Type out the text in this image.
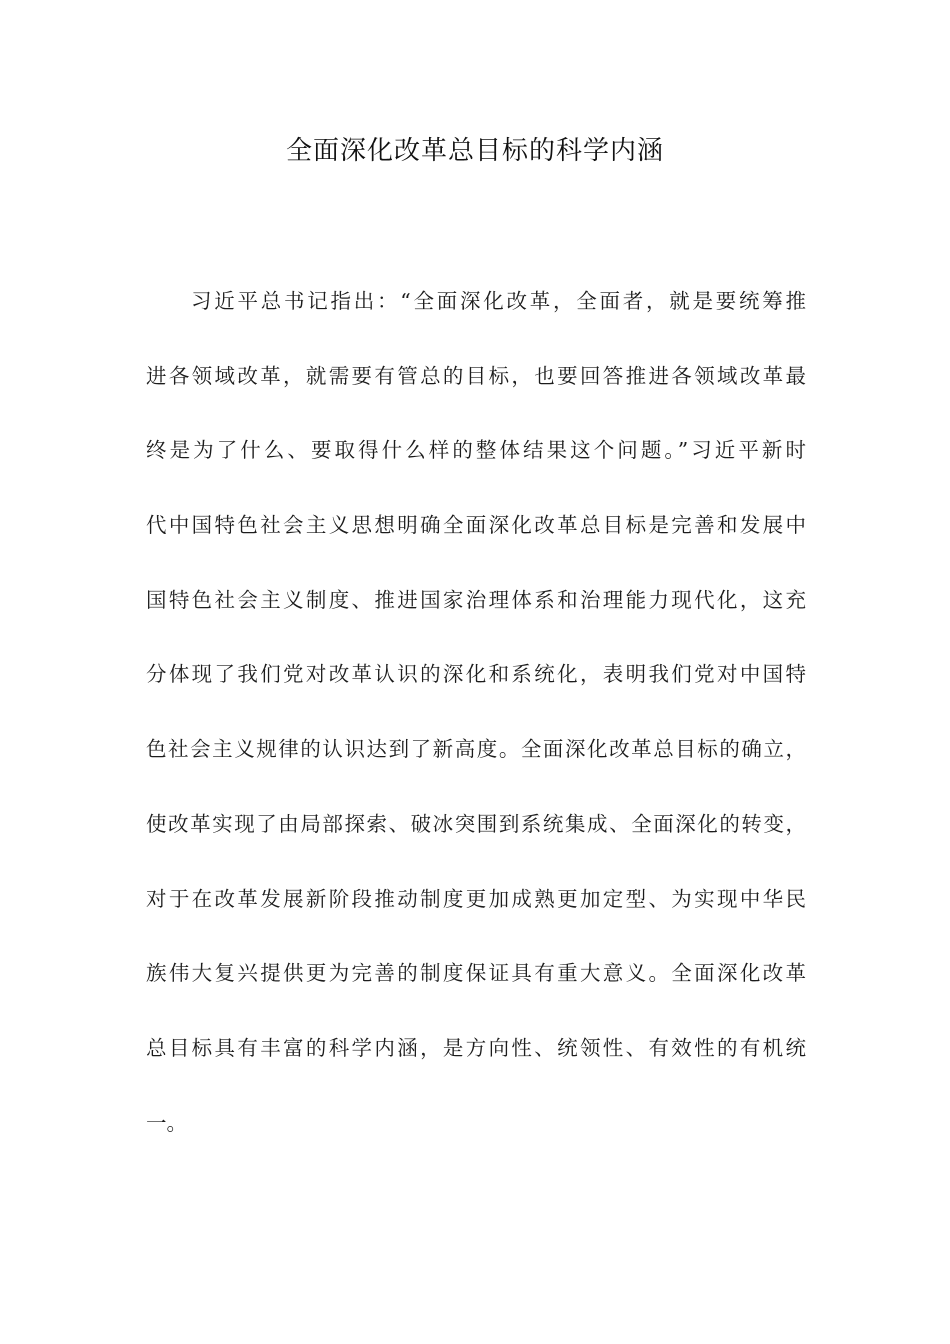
全面深化改革总目标的科学内涵
习近平总书记指出：“全面深化改革，全面者，就是要统筹推
进各领域改革，就需要有管总的目标，也要回答推进各领域改革最
终是为了什么、要取得什么样的整体结果这个问题。”习近平新时
代中国特色社会主义思想明确全面深化改革总目标是完善和发展中
国特色社会主义制度、推进国家治理体系和治理能力现代化，这充
分体现了我们党对改革认识的深化和系统化，表明我们党对中国特
色社会主义规律的认识达到了新高度。全面深化改革总目标的确立，
使改革实现了由局部探索、破冰突围到系统集成、全面深化的转变，
对于在改革发展新阶段推动制度更加成熟更加定型、为实现中华民
族伟大复兴提供更为完善的制度保证具有重大意义。全面深化改革
总目标具有丰富的科学内涵，是方向性、统领性、有效性的有机统
一。
